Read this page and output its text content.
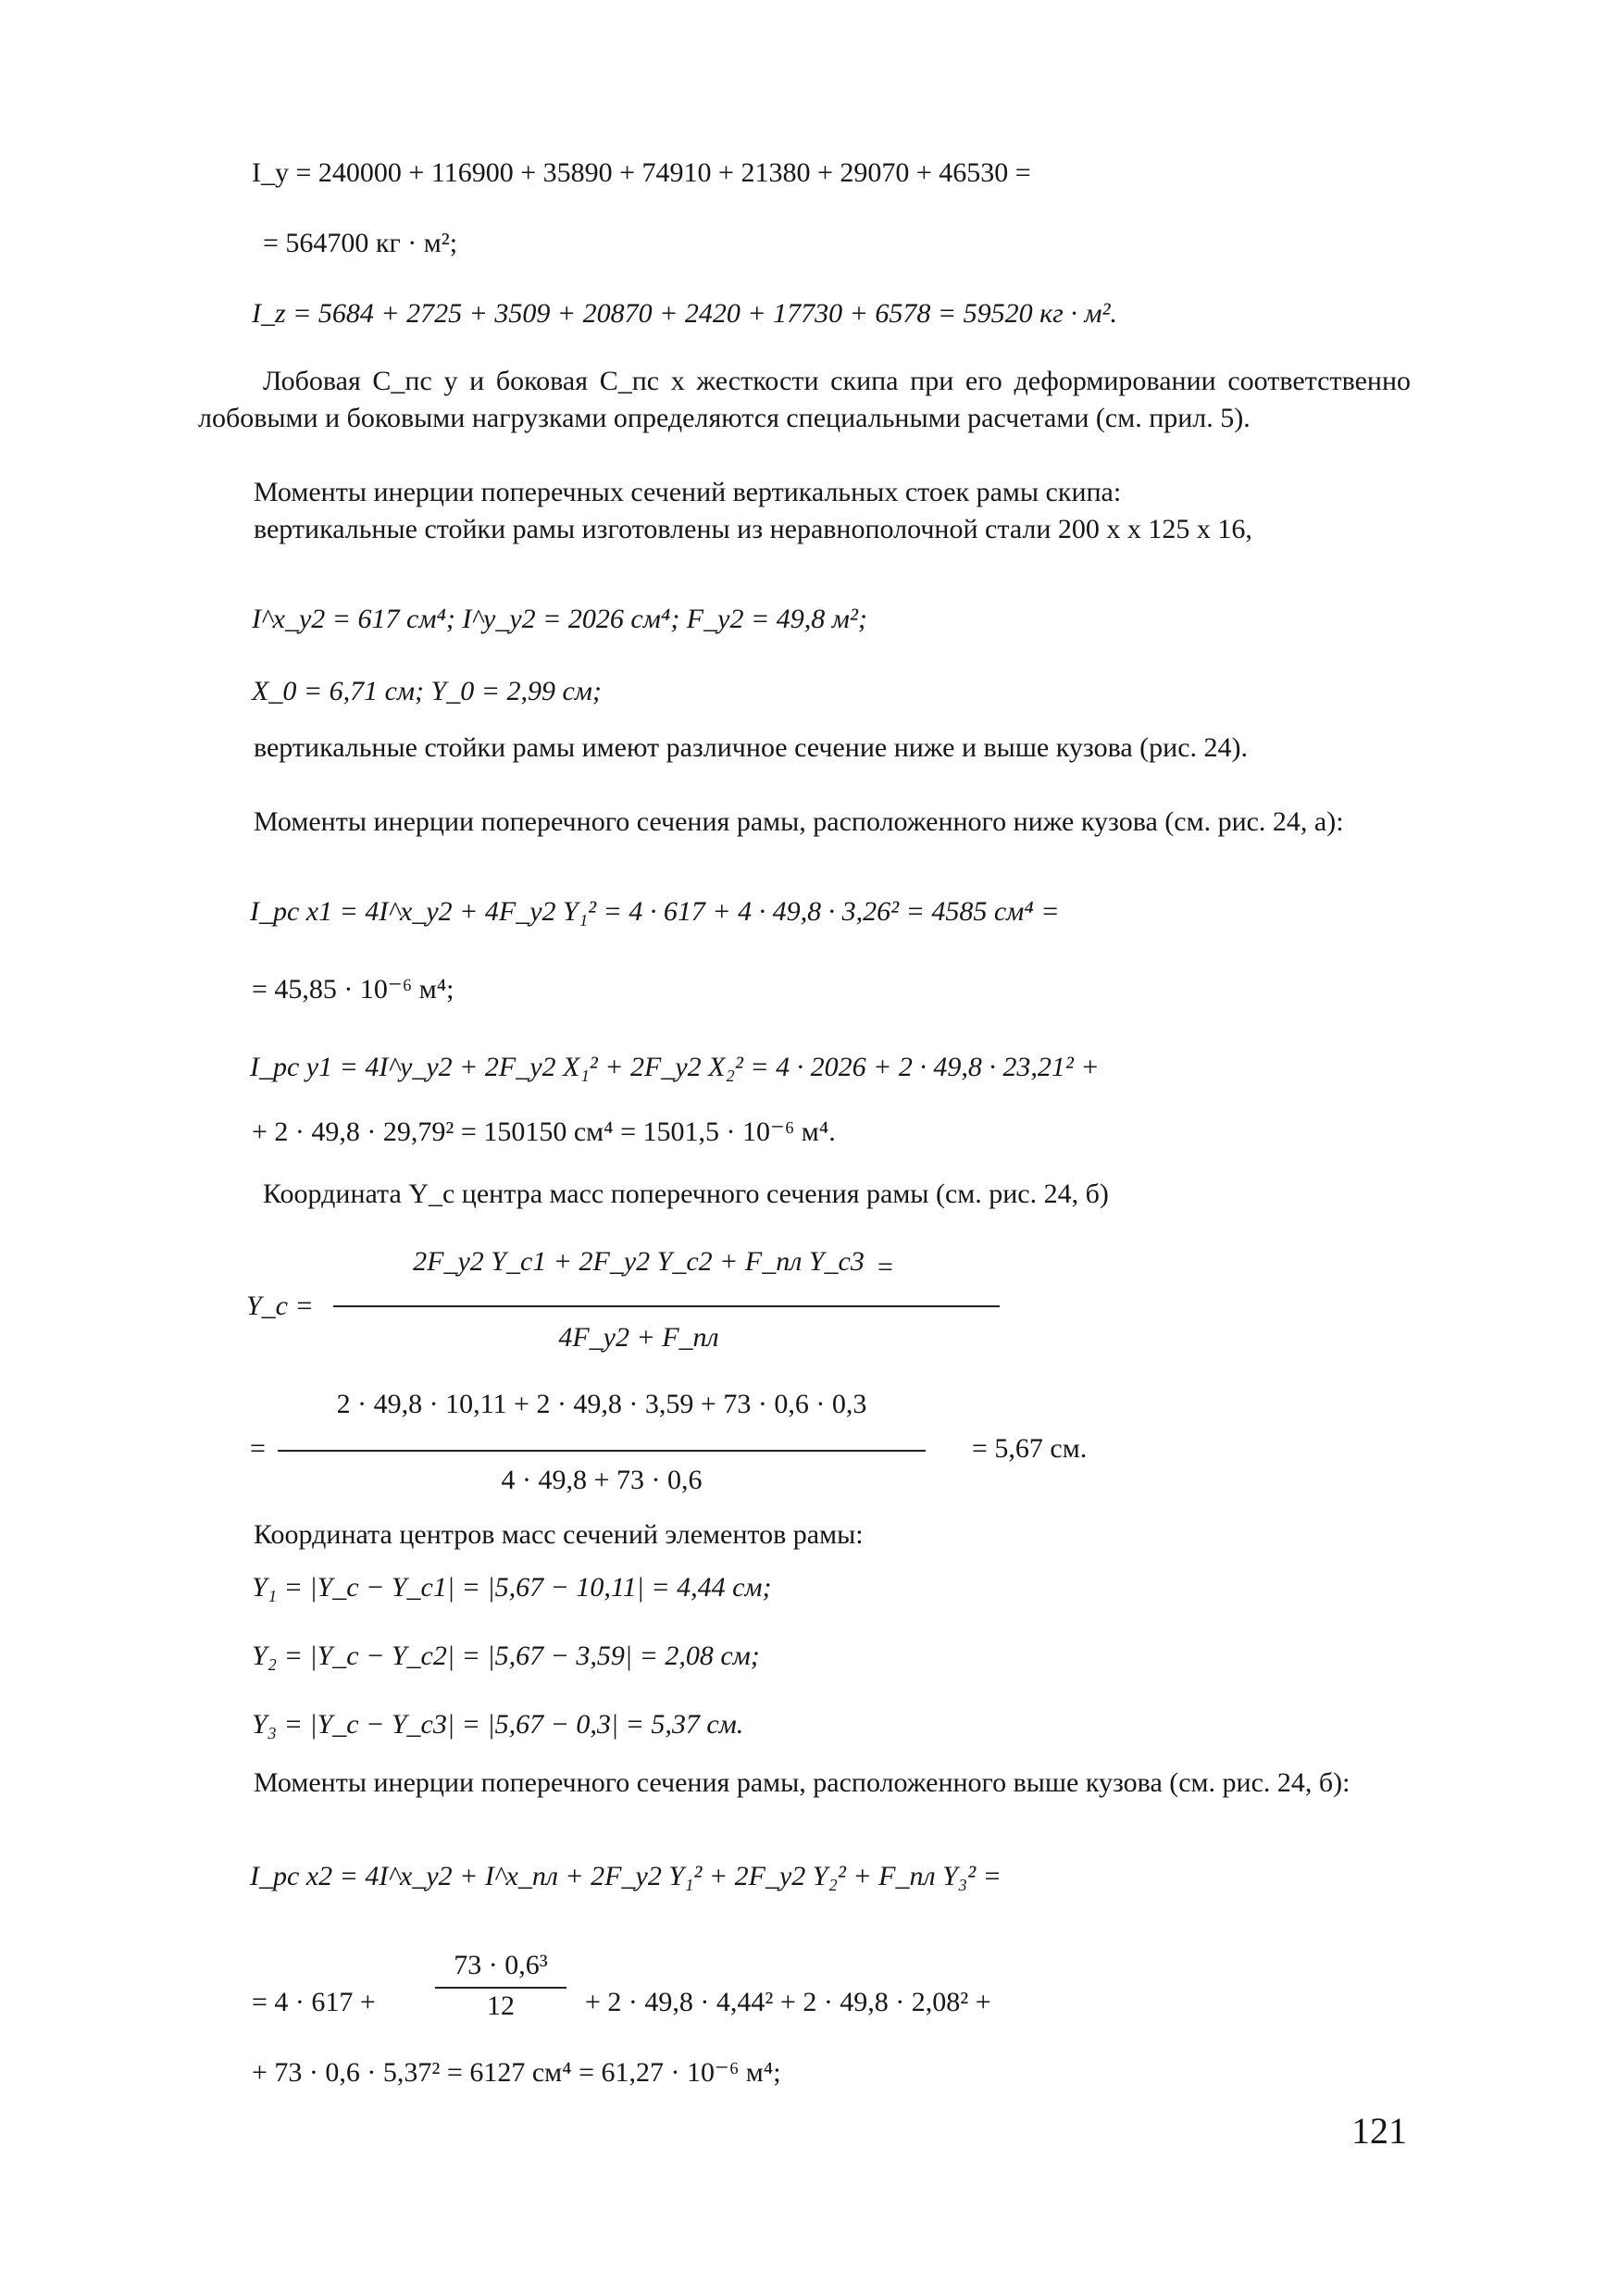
I_y = 240000 + 116900 + 35890 + 74910 + 21380 + 29070 + 46530 =
= 564700 кг · м²;
I_z = 5684 + 2725 + 3509 + 20870 + 2420 + 17730 + 6578 = 59520 кг · м².
Лобовая C_пс y и боковая C_пс x жесткости скипа при его деформировании соответственно лобовыми и боковыми нагрузками определяются специальными расчетами (см. прил. 5).
Моменты инерции поперечных сечений вертикальных стоек рамы скипа:
вертикальные стойки рамы изготовлены из неравнополочной стали 200 x x 125 x 16,
I^x_y2 = 617 см⁴; I^y_y2 = 2026 см⁴; F_y2 = 49,8 м²;
X_0 = 6,71 см; Y_0 = 2,99 см;
вертикальные стойки рамы имеют различное сечение ниже и выше кузова (рис. 24).
Моменты инерции поперечного сечения рамы, расположенного ниже кузова (см. рис. 24, а):
I_рс x1 = 4I^x_y2 + 4F_y2 Y₁² = 4 · 617 + 4 · 49,8 · 3,26² = 4585 см⁴ =
= 45,85 · 10⁻⁶ м⁴;
I_рс y1 = 4I^y_y2 + 2F_y2 X₁² + 2F_y2 X₂² = 4 · 2026 + 2 · 49,8 · 23,21² +
+ 2 · 49,8 · 29,79² = 150150 см⁴ = 1501,5 · 10⁻⁶ м⁴.
Координата Y_c центра масс поперечного сечения рамы (см. рис. 24, б)
Y_c =
2F_y2 Y_c1 + 2F_y2 Y_c2 + F_пл Y_c3 =
4F_y2 + F_пл
=
2 · 49,8 · 10,11 + 2 · 49,8 · 3,59 + 73 · 0,6 · 0,3
4 · 49,8 + 73 · 0,6
= 5,67 см.
Координата центров масс сечений элементов рамы:
Y₁ = |Y_c − Y_c1| = |5,67 − 10,11| = 4,44 см;
Y₂ = |Y_c − Y_c2| = |5,67 − 3,59| = 2,08 см;
Y₃ = |Y_c − Y_c3| = |5,67 − 0,3| = 5,37 см.
Моменты инерции поперечного сечения рамы, расположенного выше кузова (см. рис. 24, б):
I_рс x2 = 4I^x_y2 + I^x_пл + 2F_y2 Y₁² + 2F_y2 Y₂² + F_пл Y₃² =
= 4 · 617 +
73 · 0,6³
12	+ 2 · 49,8 · 4,44² + 2 · 49,8 · 2,08² +
+ 73 · 0,6 · 5,37² = 6127 см⁴ = 61,27 · 10⁻⁶ м⁴;
121
